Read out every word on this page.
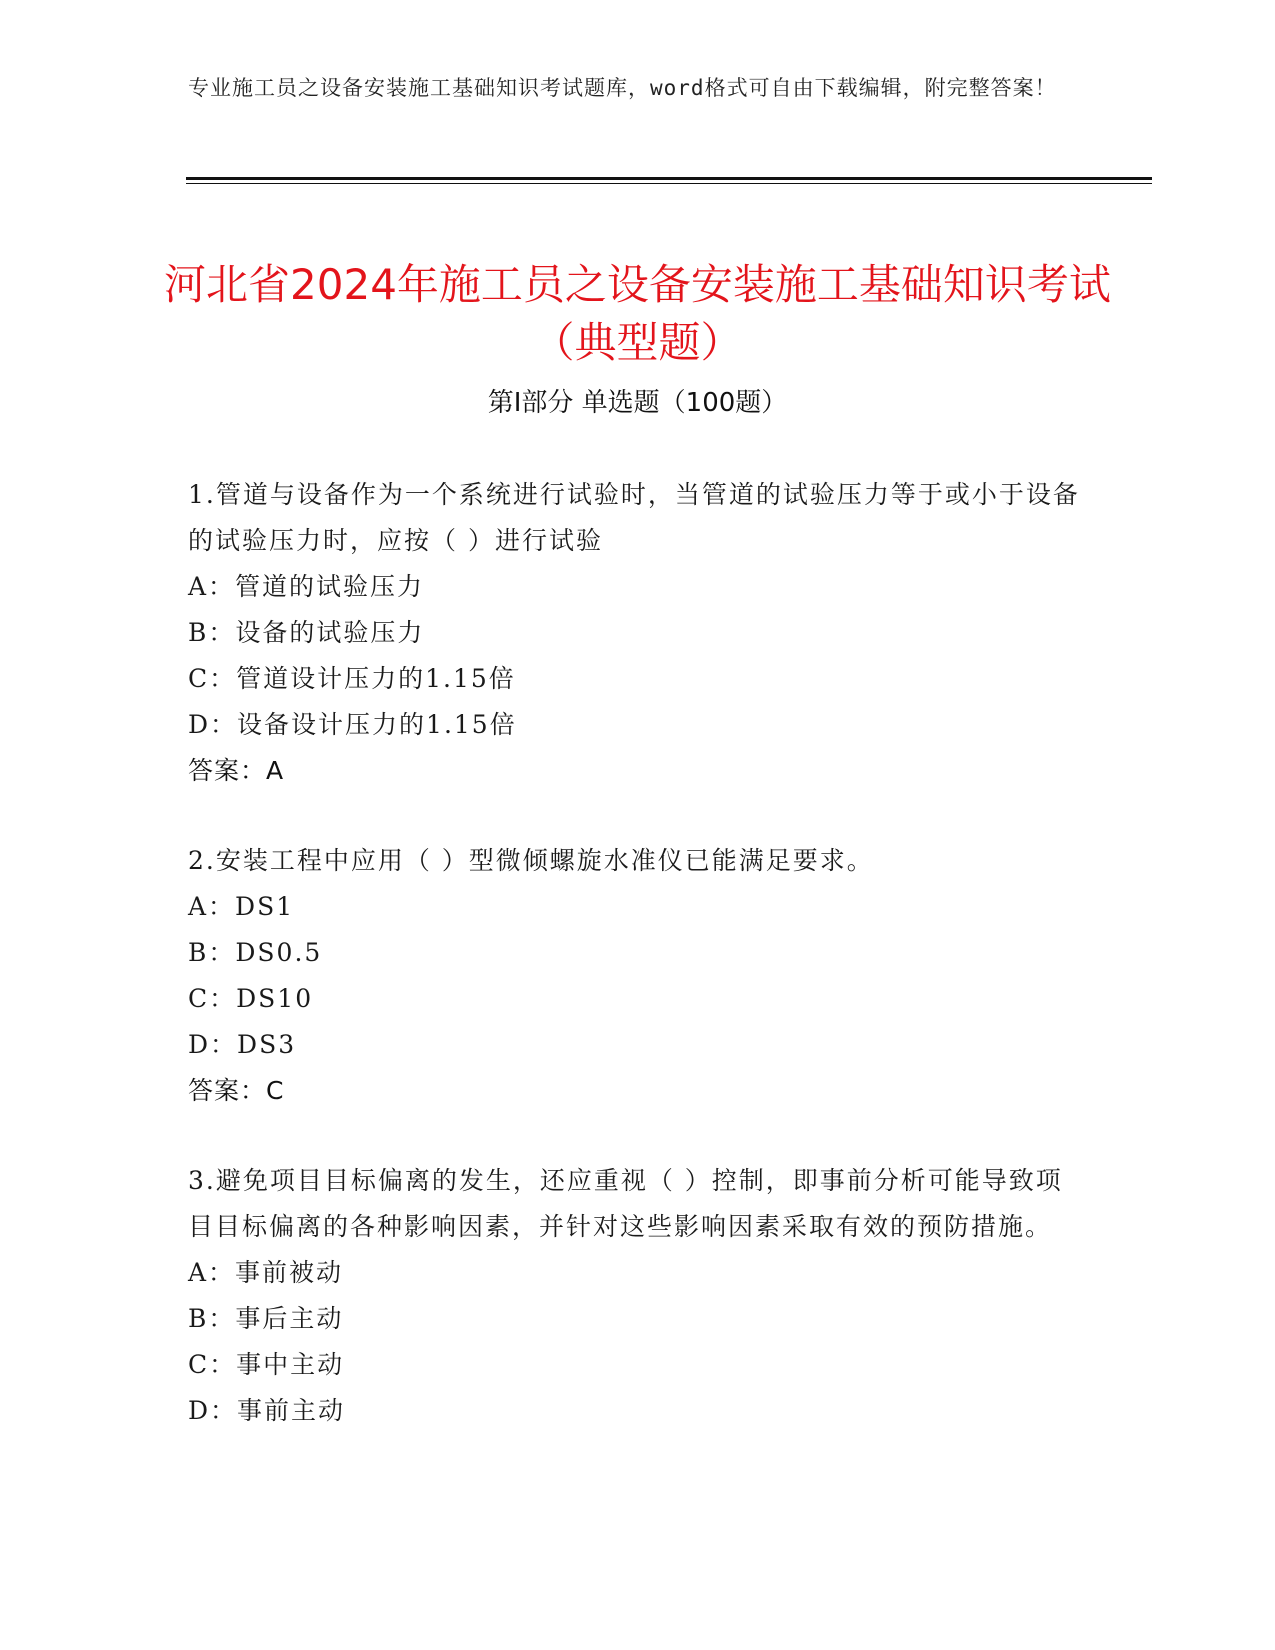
专业施工员之设备安装施工基础知识考试题库，word格式可自由下载编辑，附完整答案！
河北省2024年施工员之设备安装施工基础知识考试（典型题）
第Ⅰ部分 单选题（100题）

1.管道与设备作为一个系统进行试验时，当管道的试验压力等于或小于设备的试验压力时，应按（ ）进行试验

A：管道的试验压力

B：设备的试验压力

C：管道设计压力的1.15倍

D：设备设计压力的1.15倍

答案：A

2.安装工程中应用（ ）型微倾螺旋水准仪已能满足要求。

A：DS1

B：DS0.5

C：DS10

D：DS3

答案：C

3.避免项目目标偏离的发生，还应重视（ ）控制，即事前分析可能导致项目目标偏离的各种影响因素，并针对这些影响因素采取有效的预防措施。

A：事前被动

B：事后主动

C：事中主动

D：事前主动
